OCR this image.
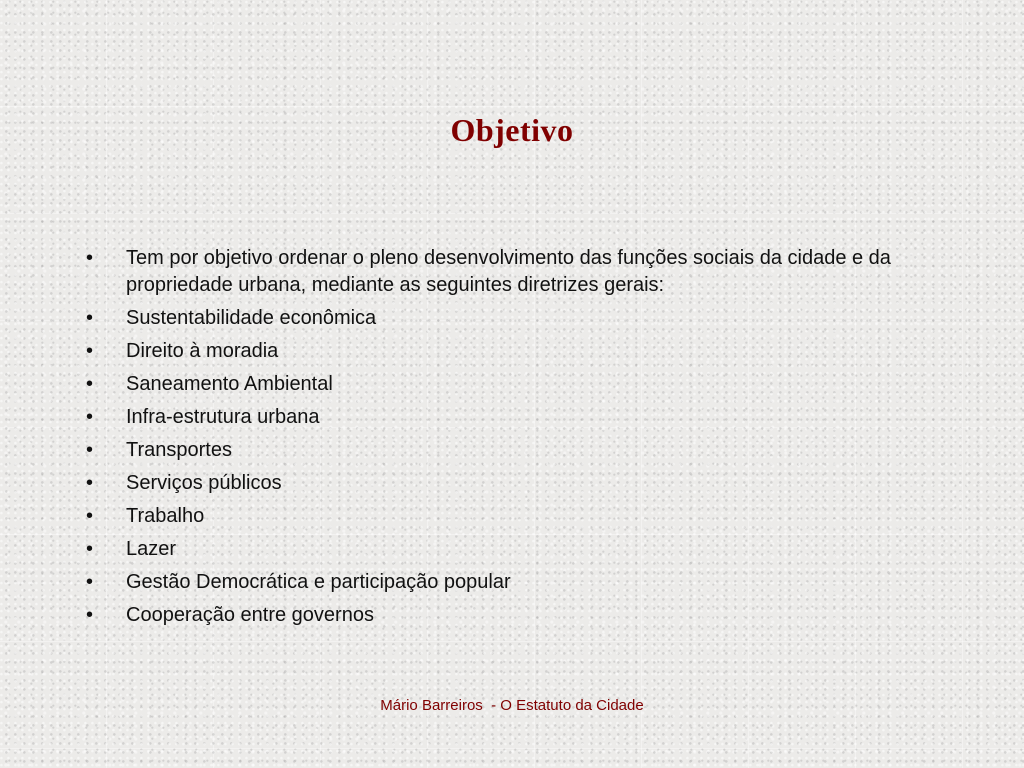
Objetivo
•	Tem por objetivo ordenar o pleno desenvolvimento das funções sociais da cidade e da propriedade urbana, mediante as seguintes diretrizes gerais:
•	Sustentabilidade econômica
•	Direito à moradia
•	Saneamento Ambiental
•	Infra-estrutura urbana
•	Transportes
•	Serviços públicos
•	Trabalho
•	Lazer
•	Gestão Democrática e participação popular
•	Cooperação entre governos
Mário Barreiros  - O Estatuto da Cidade
